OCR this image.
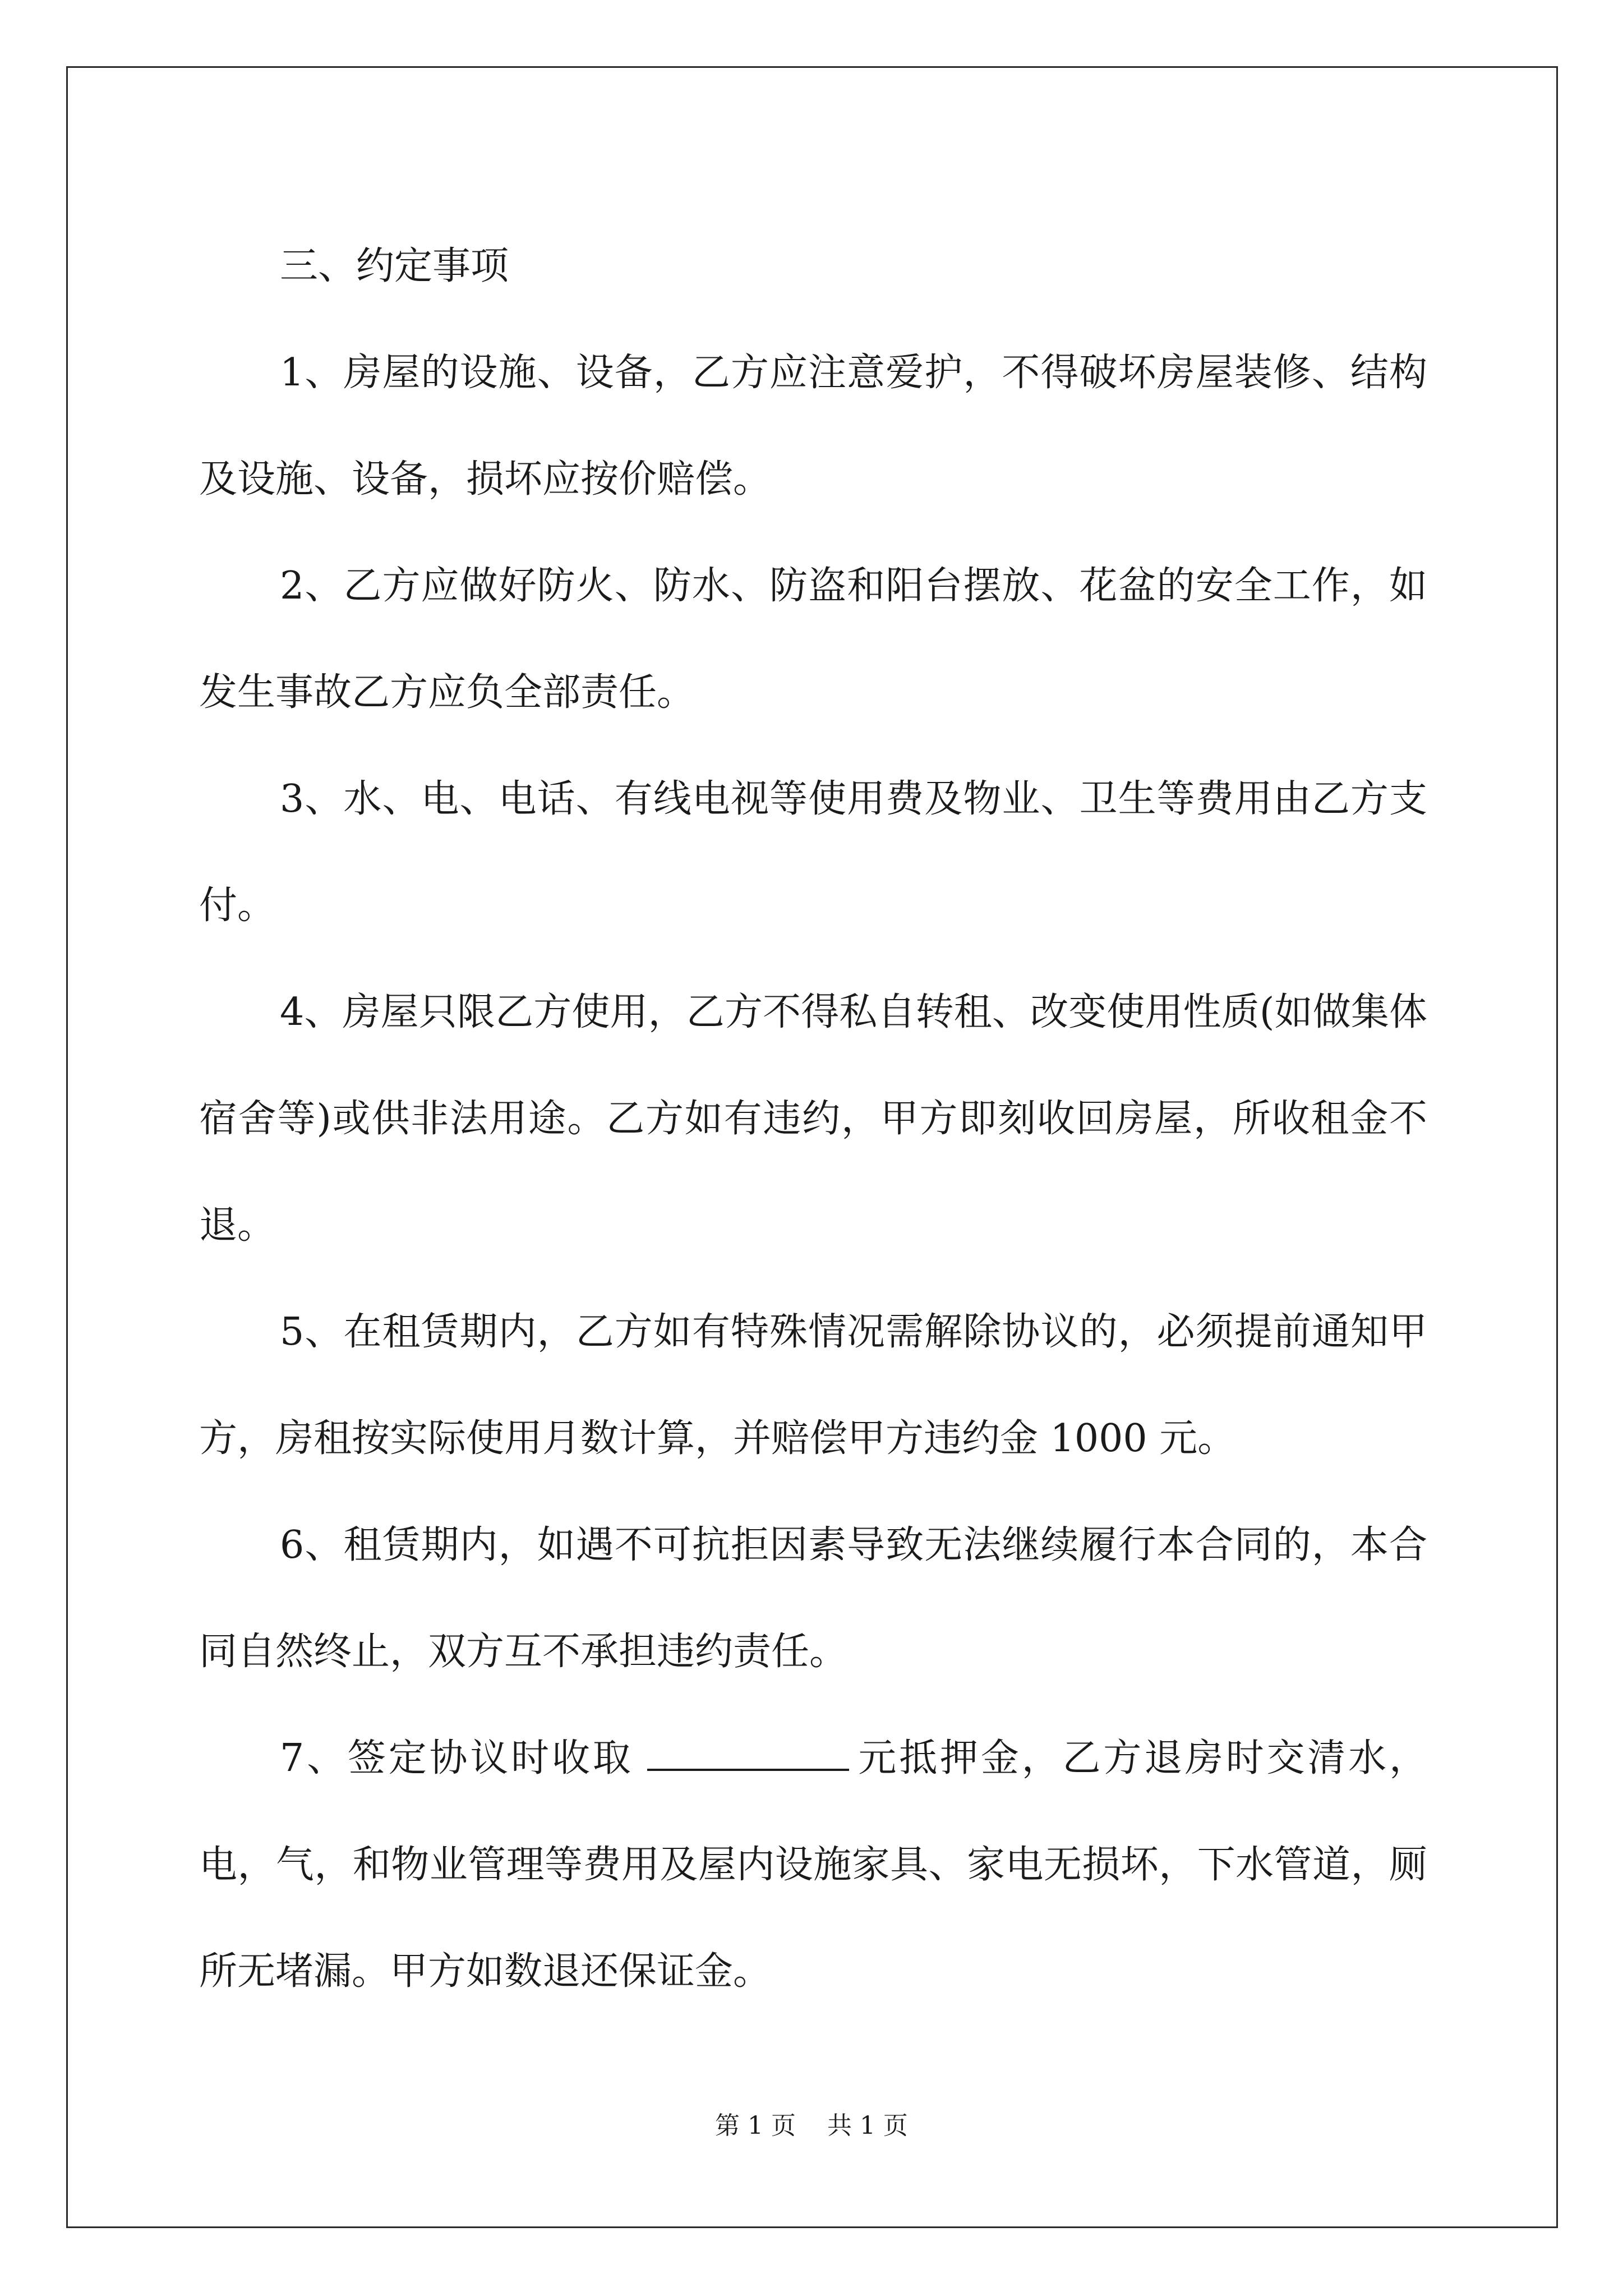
三、约定事项

1、房屋的设施、设备，乙方应注意爱护，不得破坏房屋装修、结构及设施、设备，损坏应按价赔偿。

2、乙方应做好防火、防水、防盗和阳台摆放、花盆的安全工作，如发生事故乙方应负全部责任。

3、水、电、电话、有线电视等使用费及物业、卫生等费用由乙方支付。

4、房屋只限乙方使用，乙方不得私自转租、改变使用性质(如做集体宿舍等)或供非法用途。乙方如有违约，甲方即刻收回房屋，所收租金不退。

5、在租赁期内，乙方如有特殊情况需解除协议的，必须提前通知甲方，房租按实际使用月数计算，并赔偿甲方违约金 1000 元。

6、租赁期内，如遇不可抗拒因素导致无法继续履行本合同的，本合同自然终止，双方互不承担违约责任。

7、签定协议时收取	元抵押金，乙方退房时交清水，电，气，和物业管理等费用及屋内设施家具、家电无损坏，下水管道，厕所无堵漏。甲方如数退还保证金。

第 1 页 共 1 页
